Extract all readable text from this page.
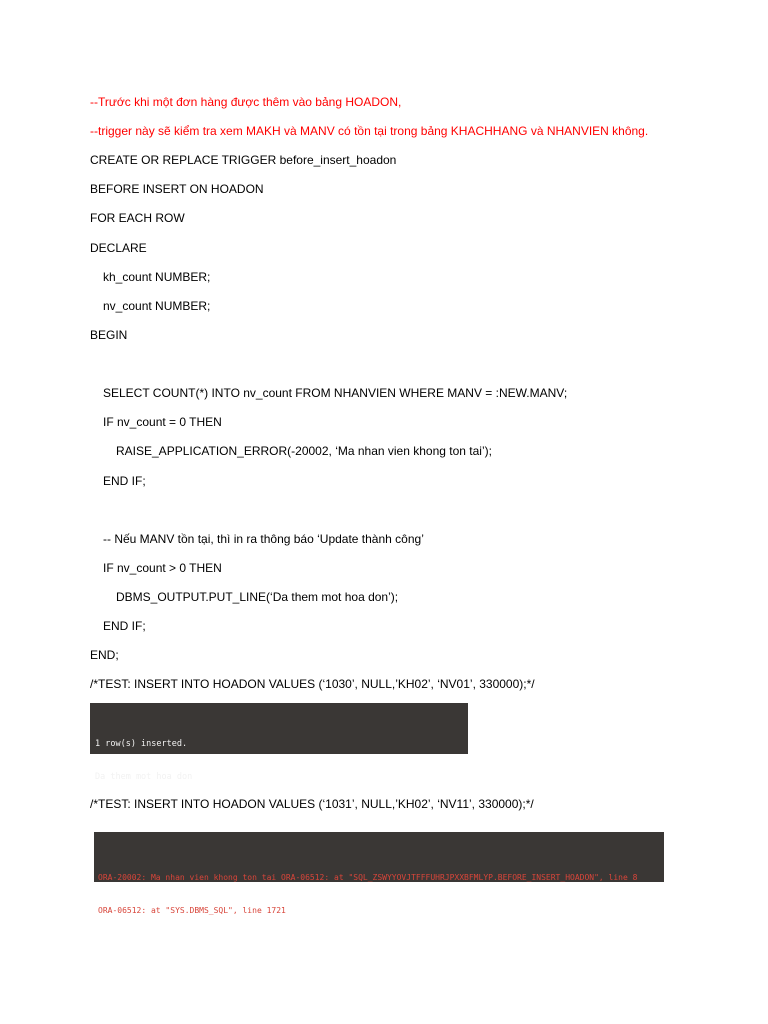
--Trước khi một đơn hàng được thêm vào bảng HOADON,
--trigger này sẽ kiểm tra xem MAKH và MANV có tồn tại trong bảng KHACHHANG và NHANVIEN không.
CREATE OR REPLACE TRIGGER before_insert_hoadon
BEFORE INSERT ON HOADON
FOR EACH ROW
DECLARE
kh_count NUMBER;
nv_count NUMBER;
BEGIN
SELECT COUNT(*) INTO nv_count FROM NHANVIEN WHERE MANV = :NEW.MANV;
IF nv_count = 0 THEN
RAISE_APPLICATION_ERROR(-20002, ‘Ma nhan vien khong ton tai’);
END IF;
-- Nếu MANV tồn tại, thì in ra thông báo ‘Update thành công’
IF nv_count > 0 THEN
DBMS_OUTPUT.PUT_LINE(‘Da them mot hoa don’);
END IF;
END;
/*TEST: INSERT INTO HOADON VALUES (‘1030’, NULL,’KH02’, ‘NV01’, 330000);*/

1 row(s) inserted.

Da them mot hoa don

/*TEST: INSERT INTO HOADON VALUES (‘1031’, NULL,’KH02’, ‘NV11’, 330000);*/

ORA-20002: Ma nhan vien khong ton tai ORA-06512: at "SQL_ZSWYYOVJTFFFUHRJPXXBFMLYP.BEFORE_INSERT_HOADON", line 8

ORA-06512: at "SYS.DBMS_SQL", line 1721
